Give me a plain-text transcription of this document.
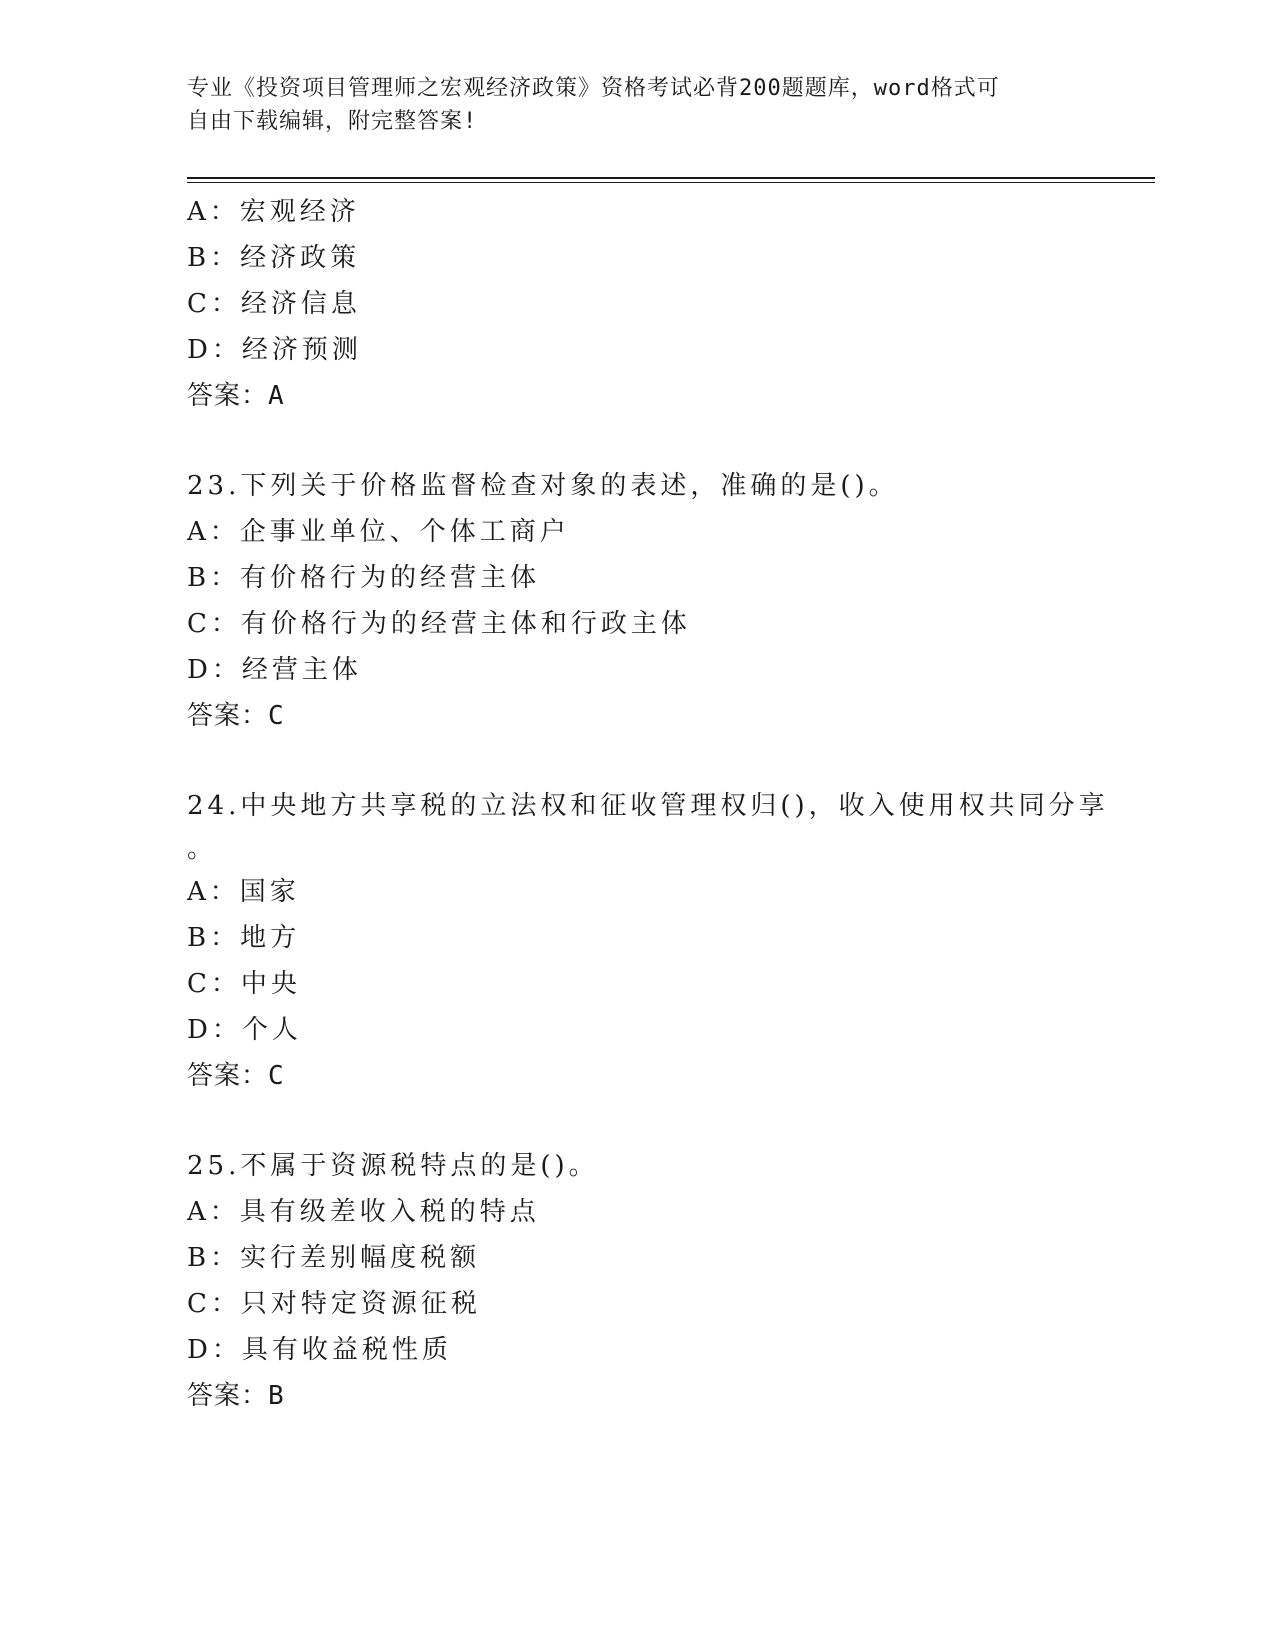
专业《投资项目管理师之宏观经济政策》资格考试必背200题题库，word格式可
自由下载编辑，附完整答案!
A：宏观经济
B：经济政策
C：经济信息
D：经济预测
答案：A
23.下列关于价格监督检查对象的表述，准确的是()。
A：企事业单位、个体工商户
B：有价格行为的经营主体
C：有价格行为的经营主体和行政主体
D：经营主体
答案：C
24.中央地方共享税的立法权和征收管理权归()，收入使用权共同分享
。
A：国家
B：地方
C：中央
D：个人
答案：C
25.不属于资源税特点的是()。
A：具有级差收入税的特点
B：实行差别幅度税额
C：只对特定资源征税
D：具有收益税性质
答案：B
